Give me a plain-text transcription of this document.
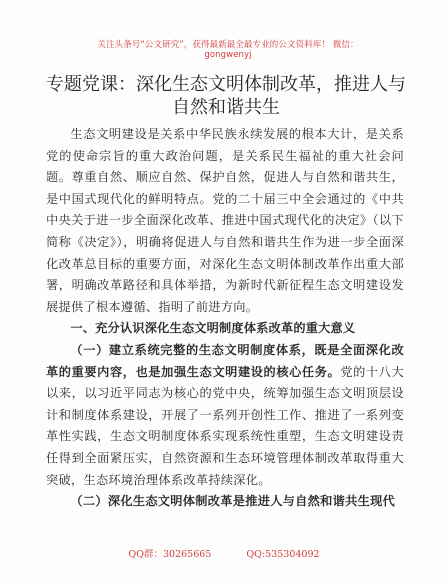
关注头条号“公文研究”，获得最新最全最专业的公文资料库！ 微信：gongwenyj
专题党课：深化生态文明体制改革，推进人与自然和谐共生

生态文明建设是关系中华民族永续发展的根本大计，是关系党的使命宗旨的重大政治问题，是关系民生福祉的重大社会问题。尊重自然、顺应自然、保护自然，促进人与自然和谐共生，是中国式现代化的鲜明特点。党的二十届三中全会通过的《中共中央关于进一步全面深化改革、推进中国式现代化的决定》（以下简称《决定》），明确将促进人与自然和谐共生作为进一步全面深化改革总目标的重要方面，对深化生态文明体制改革作出重大部署，明确改革路径和具体举措，为新时代新征程生态文明建设发展提供了根本遵循、指明了前进方向。

一、充分认识深化生态文明制度体系改革的重大意义

（一）建立系统完整的生态文明制度体系，既是全面深化改革的重要内容，也是加强生态文明建设的核心任务。党的十八大以来，以习近平同志为核心的党中央，统筹加强生态文明顶层设计和制度体系建设，开展了一系列开创性工作、推进了一系列变革性实践，生态文明制度体系实现系统性重塑，生态文明建设责任得到全面紧压实，自然资源和生态环境管理体制改革取得重大突破，生态环境治理体系改革持续深化。

（二）深化生态文明体制改革是推进人与自然和谐共生现代

QQ群：30265665	QQ:535304092
